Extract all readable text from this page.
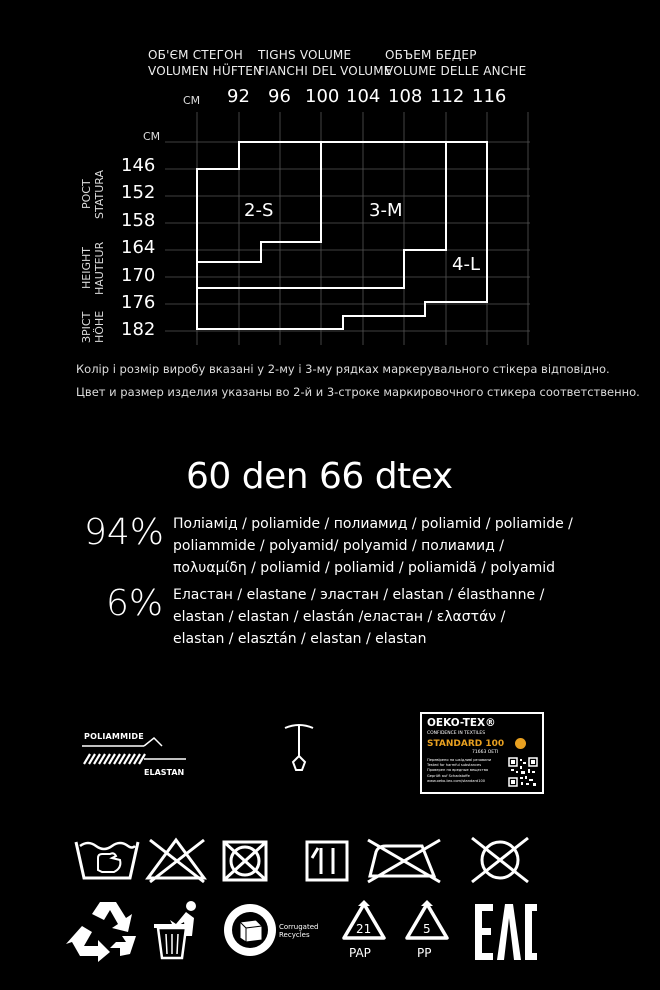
ОБ'ЄМ СТЕГОН
VOLUMEN HÜFTEN
TIGHS VOLUME
FIANCHI DEL VOLUME
ОБЪЕМ БЕДЕР
VOLUME DELLE ANCHE
СМ
СМ
92 96 100 104 108 112 116
146
152
158
164
170
176
182
РОСТ
STATURA
HEIGHT
HAUTEUR
ЗРІСТ
HÖHE
2-S	3-M
4-L
Колір і розмір виробу вказані у 2-му і 3-му рядках маркерувального стікера відповідно.
Цвет и размер изделия указаны во 2-й и 3-строке маркировочного стикера соответственно.
60 den 66 dtex
94% Поліамід / poliamide / полиамид / poliamid / poliamide /
poliammide / polyamid/ polyamid / полиамид /
πολυαμίδη / poliamid / poliamid / poliamidă / polyamid
6% Еластан / elastane / эластан / elastan / élasthanne /
elastan / elastan / elastán /еластан / ελαστάν /
elastan / elasztán / elastan / elastan
POLIAMMIDE
ELASTAN
OEKO-TEX®
CONFIDENCE IN TEXTILES
STANDARD 100
71663 OETI
Перевірено на шкідливі речовини
Tested for harmful substances
Проверен на вредные вещества
Geprüft auf Schadstoffe
www.oeko-tex.com/standard100
Corrugated
Recycles	21
PAP
5
PP
